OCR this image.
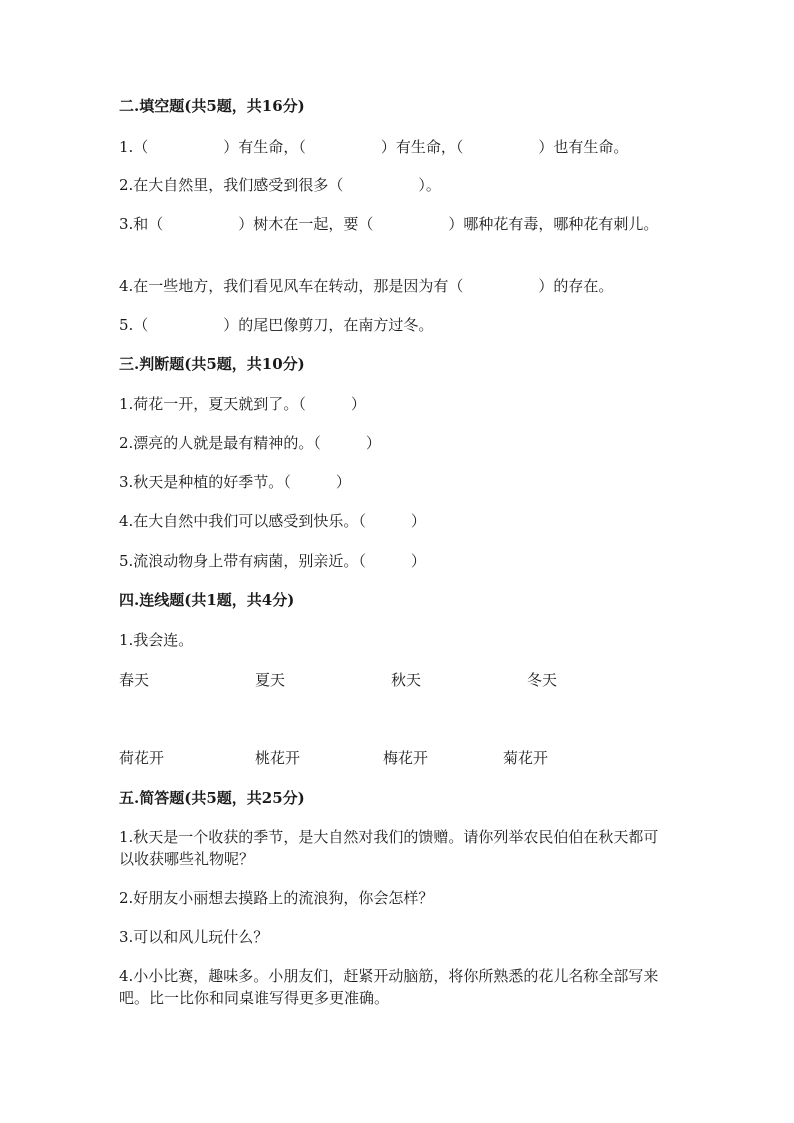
二.填空题(共5题，共16分)
1.（　　　　　）有生命，（　　　　　）有生命，（　　　　　）也有生命。
2.在大自然里，我们感受到很多（　　　　　）。
3.和（　　　　　）树木在一起，要（　　　　　）哪种花有毒，哪种花有刺儿。
4.在一些地方，我们看见风车在转动，那是因为有（　　　　　）的存在。
5.（　　　　　）的尾巴像剪刀，在南方过冬。
三.判断题(共5题，共10分)
1.荷花一开，夏天就到了。（　　　）
2.漂亮的人就是最有精神的。（　　　）
3.秋天是种植的好季节。（　　　）
4.在大自然中我们可以感受到快乐。（　　　）
5.流浪动物身上带有病菌，别亲近。（　　　）
四.连线题(共1题，共4分)
1.我会连。
春天	夏天	秋天	冬天
荷花开	桃花开	梅花开	菊花开
五.简答题(共5题，共25分)
1.秋天是一个收获的季节，是大自然对我们的馈赠。请你列举农民伯伯在秋天都可以收获哪些礼物呢？
2.好朋友小丽想去摸路上的流浪狗，你会怎样？
3.可以和风儿玩什么？
4.小小比赛，趣味多。小朋友们，赶紧开动脑筋，将你所熟悉的花儿名称全部写来吧。比一比你和同桌谁写得更多更准确。
